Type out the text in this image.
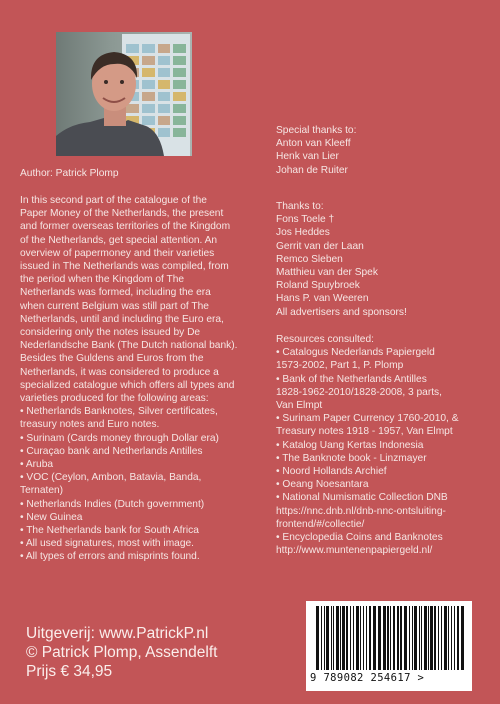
Author: Patrick Plomp
In this second part of the catalogue of the
Paper Money of the Netherlands, the present
and former overseas territories of the Kingdom
of the Netherlands, get special attention. An
overview of papermoney and their varieties
issued in The Netherlands was compiled, from
the period when the Kingdom of The
Netherlands was formed, including the era
when current Belgium was still part of The
Netherlands, until and including the Euro era,
considering only the notes issued by De
Nederlandsche Bank (The Dutch national bank).
Besides the Guldens and Euros from the
Netherlands, it was considered to produce a
specialized catalogue which offers all types and
varieties produced for the following areas:
• Netherlands Banknotes, Silver certificates,
treasury notes and Euro notes.
• Surinam (Cards money through Dollar era)
• Curaçao bank and Netherlands Antilles
• Aruba
• VOC (Ceylon, Ambon, Batavia, Banda,
Ternaten)
• Netherlands Indies (Dutch government)
• New Guinea
• The Netherlands bank for South Africa
• All used signatures, most with image.
• All types of errors and misprints found.
Special thanks to:
Anton van Kleeff
Henk van Lier
Johan de Ruiter
Thanks to:
Fons Toele †
Jos Heddes
Gerrit van der Laan
Remco Sleben
Matthieu van der Spek
Roland Spuybroek
Hans P. van Weeren
All advertisers and sponsors!
Resources consulted:
• Catalogus Nederlands Papiergeld
1573-2002, Part 1, P. Plomp
• Bank of the Netherlands Antilles
1828-1962-2010/1828-2008, 3 parts,
Van Elmpt
• Surinam Paper Currency 1760-2010, &
Treasury notes 1918 - 1957, Van Elmpt
• Katalog Uang Kertas Indonesia
• The Banknote book - Linzmayer
• Noord Hollands Archief
• Oeang Noesantara
• National Numismatic Collection DNB
https://nnc.dnb.nl/dnb-nnc-ontsluiting-
frontend/#/collectie/
• Encyclopedia Coins and Banknotes
http://www.muntenenpapiergeld.nl/
Uitgeverij: www.PatrickP.nl
© Patrick Plomp, Assendelft
Prijs € 34,95	9 789082 254617 >
